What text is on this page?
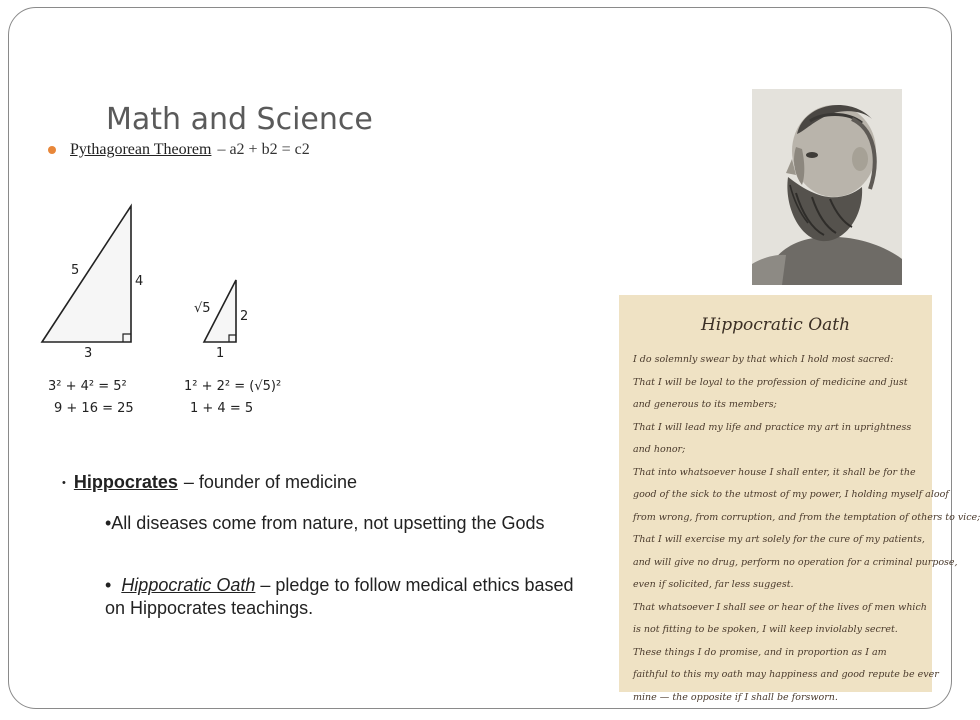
Math and Science
Pythagorean Theorem – a2 + b2 = c2
5
4
3
3² + 4² = 5²
9 + 16 = 25
√5
2
1
1² + 2² = (√5)²
1 + 4 = 5
• Hippocrates – founder of medicine
•All diseases come from nature, not upsetting the Gods
•  Hippocratic Oath – pledge to follow medical ethics based on Hippocrates teachings.
Hippocratic Oath
I do solemnly swear by that which I hold most sacred:
That I will be loyal to the profession of medicine and just
and generous to its members;
That I will lead my life and practice my art in uprightness
and honor;
That into whatsoever house I shall enter, it shall be for the
good of the sick to the utmost of my power, I holding myself aloof
from wrong, from corruption, and from the temptation of others to vice;
That I will exercise my art solely for the cure of my patients,
and will give no drug, perform no operation for a criminal purpose,
even if solicited, far less suggest.
That whatsoever I shall see or hear of the lives of men which
is not fitting to be spoken, I will keep inviolably secret.
These things I do promise, and in proportion as I am
faithful to this my oath may happiness and good repute be ever
mine — the opposite if I shall be forsworn.
